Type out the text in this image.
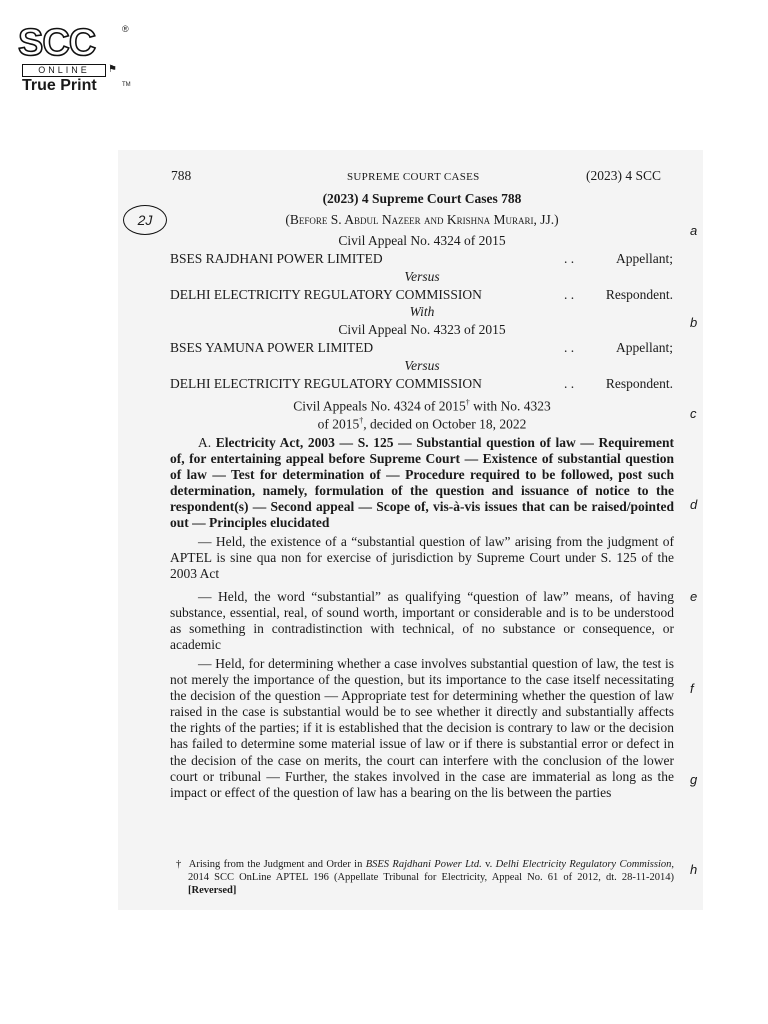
SCC	®
ONLINE	⚑
True Print	TM
788	SUPREME COURT CASES	(2023) 4 SCC
(2023) 4 Supreme Court Cases 788
2J	(Before S. Abdul Nazeer and Krishna Murari, JJ.)
Civil Appeal No. 4324 of 2015
BSES RAJDHANI POWER LIMITED	. .	Appellant;
Versus
DELHI ELECTRICITY REGULATORY COMMISSION	. . Respondent.
With
Civil Appeal No. 4323 of 2015
BSES YAMUNA POWER LIMITED	. .	Appellant;
Versus
DELHI ELECTRICITY REGULATORY COMMISSION	. . Respondent.
Civil Appeals No. 4324 of 2015† with No. 4323
of 2015†, decided on October 18, 2022
a
b
c
d
e
f
g
h

A. Electricity Act, 2003 — S. 125 — Substantial question of law — Requirement of, for entertaining appeal before Supreme Court — Existence of substantial question of law — Test for determination of — Procedure required to be followed, post such determination, namely, formulation of the question and issuance of notice to the respondent(s) — Second appeal — Scope of, vis-à-vis issues that can be raised/pointed out — Principles elucidated

— Held, the existence of a “substantial question of law” arising from the judgment of APTEL is sine qua non for exercise of jurisdiction by Supreme Court under S. 125 of the 2003 Act

— Held, the word “substantial” as qualifying “question of law” means, of having substance, essential, real, of sound worth, important or considerable and is to be understood as something in contradistinction with technical, of no substance or consequence, or academic

— Held, for determining whether a case involves substantial question of law, the test is not merely the importance of the question, but its importance to the case itself necessitating the decision of the question — Appropriate test for determining whether the question of law raised in the case is substantial would be to see whether it directly and substantially affects the rights of the parties; if it is established that the decision is contrary to law or the decision has failed to determine some material issue of law or if there is substantial error or defect in the decision of the case on merits, the court can interfere with the conclusion of the lower court or tribunal — Further, the stakes involved in the case are immaterial as long as the impact or effect of the question of law has a bearing on the lis between the parties

† Arising from the Judgment and Order in BSES Rajdhani Power Ltd. v. Delhi Electricity Regulatory Commission, 2014 SCC OnLine APTEL 196 (Appellate Tribunal for Electricity, Appeal No. 61 of 2012, dt. 28-11-2014) [Reversed]
